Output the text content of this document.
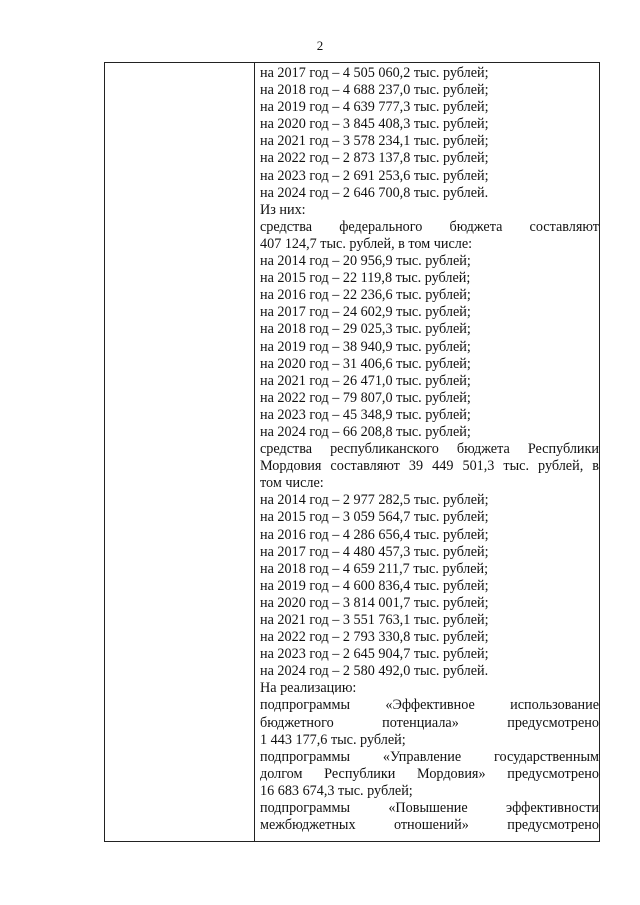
2
на 2017 год – 4 505 060,2 тыс. рублей;
на 2018 год – 4 688 237,0 тыс. рублей;
на 2019 год – 4 639 777,3 тыс. рублей;
на 2020 год – 3 845 408,3 тыс. рублей;
на 2021 год – 3 578 234,1 тыс. рублей;
на 2022 год – 2 873 137,8 тыс. рублей;
на 2023 год – 2 691 253,6 тыс. рублей;
на 2024 год – 2 646 700,8 тыс. рублей.
Из них:
средства федерального бюджета составляют
407 124,7 тыс. рублей, в том числе:
на 2014 год – 20 956,9 тыс. рублей;
на 2015 год – 22 119,8 тыс. рублей;
на 2016 год – 22 236,6 тыс. рублей;
на 2017 год – 24 602,9 тыс. рублей;
на 2018 год – 29 025,3 тыс. рублей;
на 2019 год – 38 940,9 тыс. рублей;
на 2020 год – 31 406,6 тыс. рублей;
на 2021 год – 26 471,0 тыс. рублей;
на 2022 год – 79 807,0 тыс. рублей;
на 2023 год – 45 348,9 тыс. рублей;
на 2024 год – 66 208,8 тыс. рублей;
средства республиканского бюджета Республики
Мордовия составляют 39 449 501,3 тыс. рублей, в
том числе:
на 2014 год – 2 977 282,5 тыс. рублей;
на 2015 год – 3 059 564,7 тыс. рублей;
на 2016 год – 4 286 656,4 тыс. рублей;
на 2017 год – 4 480 457,3 тыс. рублей;
на 2018 год – 4 659 211,7 тыс. рублей;
на 2019 год – 4 600 836,4 тыс. рублей;
на 2020 год – 3 814 001,7 тыс. рублей;
на 2021 год – 3 551 763,1 тыс. рублей;
на 2022 год – 2 793 330,8 тыс. рублей;
на 2023 год – 2 645 904,7 тыс. рублей;
на 2024 год – 2 580 492,0 тыс. рублей.
На реализацию:
подпрограммы «Эффективное использование
бюджетного потенциала» предусмотрено
1 443 177,6 тыс. рублей;
подпрограммы «Управление государственным
долгом Республики Мордовия» предусмотрено
16 683 674,3 тыс. рублей;
подпрограммы «Повышение эффективности
межбюджетных отношений» предусмотрено
